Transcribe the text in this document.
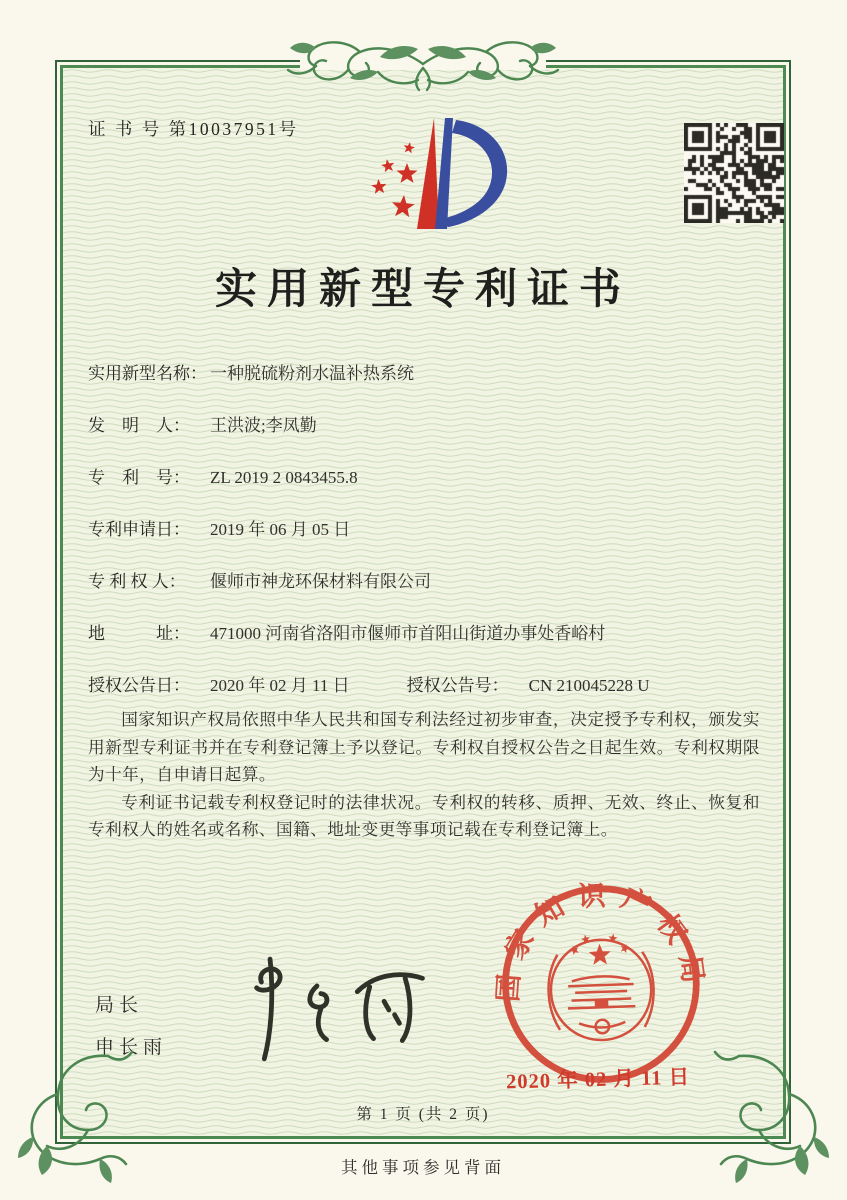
证 书 号 第10037951号
实用新型专利证书
实用新型名称： 一种脱硫粉剂水温补热系统
发　明　人：	王洪波;李凤勤
专　利　号：	ZL 2019 2 0843455.8
专利申请日：	2019 年 06 月 05 日
专 利 权 人：	偃师市神龙环保材料有限公司
地　　　址：	471000 河南省洛阳市偃师市首阳山街道办事处香峪村
授权公告日：	2020 年 02 月 11 日	授权公告号：	CN 210045228 U

国家知识产权局依照中华人民共和国专利法经过初步审查，决定授予专利权，颁发实用新型专利证书并在专利登记簿上予以登记。专利权自授权公告之日起生效。专利权期限为十年，自申请日起算。

专利证书记载专利权登记时的法律状况。专利权的转移、质押、无效、终止、恢复和专利权人的姓名或名称、国籍、地址变更等事项记载在专利登记簿上。

局长
申长雨
国家知识产权局
2020 年 02 月 11 日
第 1 页 (共 2 页)
其他事项参见背面
